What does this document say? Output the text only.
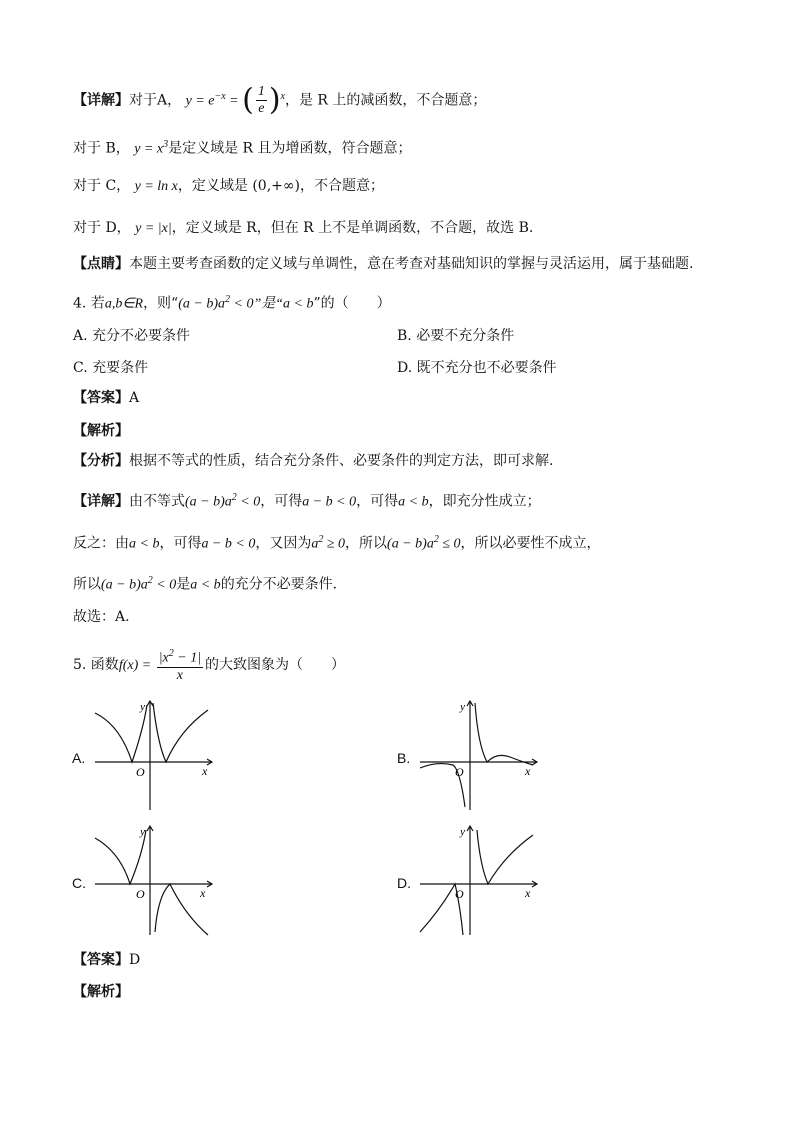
【详解】对于A， $y = e^{-x}$ = ( $\frac{1}{e} )^x$，是 R 上的减函数，不合题意；
对于 B， $y = x^3$是定义域是 R 且为增函数，符合题意；
对于 C， y = ln x，定义域是 (0,+∞)，不合题意；
对于 D， y = |x|，定义域是 R，但在 R 上不是单调函数，不合题，故选 B.
【点睛】本题主要考查函数的定义域与单调性，意在考查对基础知识的掌握与灵活运用，属于基础题.
4. 若a,b∈R，则“$(a - b)a^2 < 0$”是“a < b”的（　　）
A. 充分不必要条件	B. 必要不充分条件
C. 充要条件	D. 既不充分也不必要条件
【答案】A
【解析】
【分析】根据不等式的性质，结合充分条件、必要条件的判定方法，即可求解.
【详解】由不等式$(a - b)a^2 < 0$，可得a − b < 0，可得a < b，即充分性成立；
反之：由a < b，可得a − b < 0，又因为$a^2 \ge 0$，所以$(a - b)a^2 \le 0$，所以必要性不成立，
所以$(a - b)a^2 < 0$是a < b的充分不必要条件.
故选：A.
5. 函数$f(x) = \frac{|x^2 - 1|}{x}$ 的大致图象为（　　）
A.	B.
C.	D.
y
x
O
y
x
O
y
x
O
y
x
O
【答案】D
【解析】
